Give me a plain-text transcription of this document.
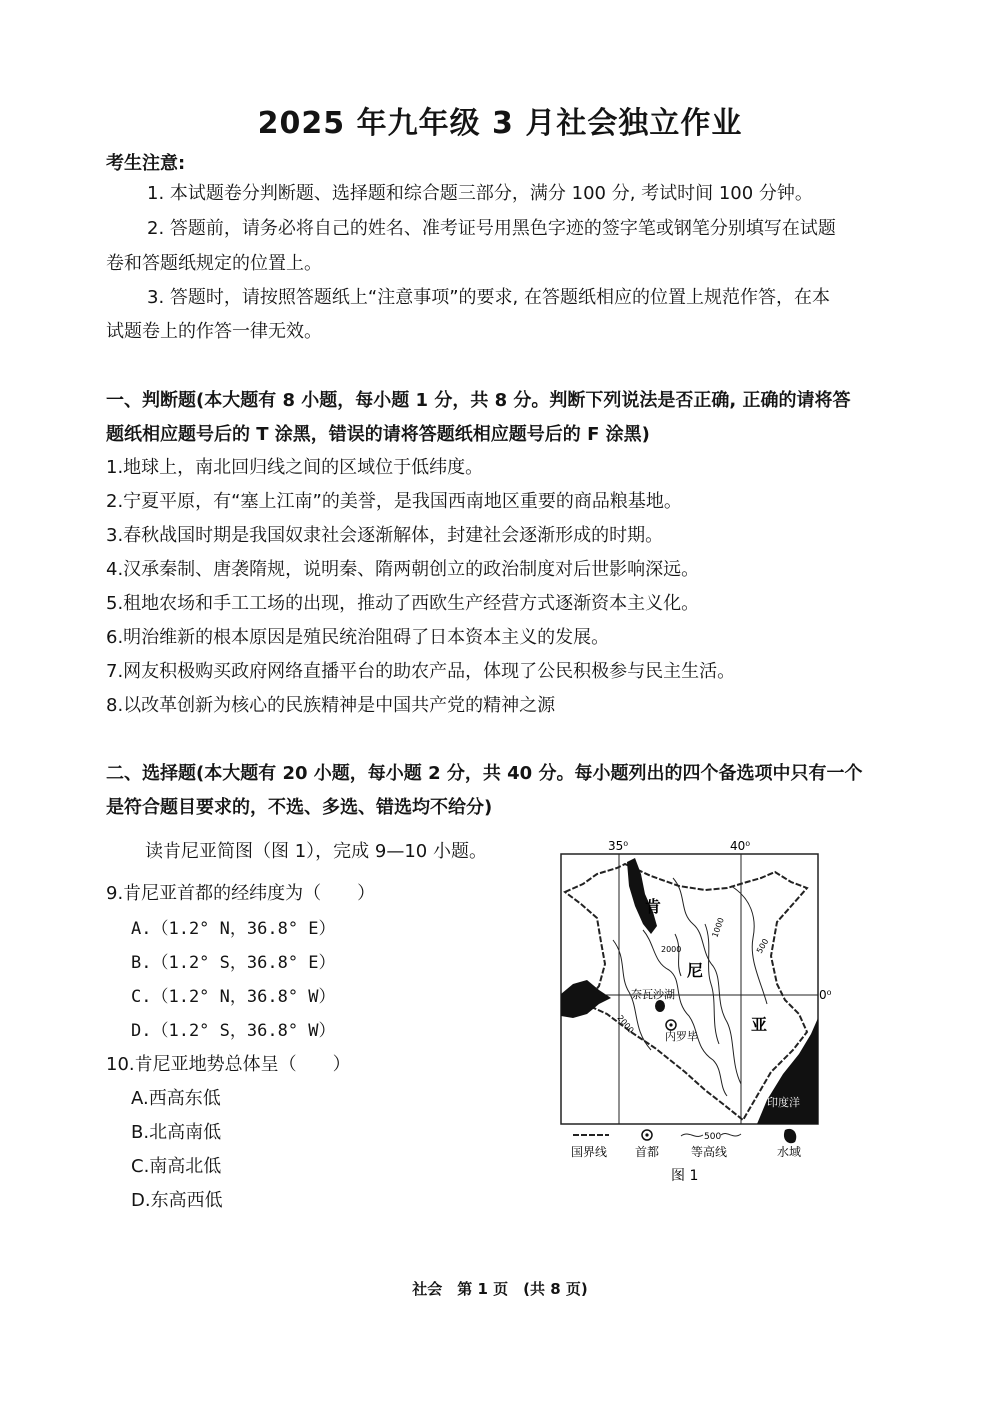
2025 年九年级 3 月社会独立作业
考生注意:
1. 本试题卷分判断题、选择题和综合题三部分，满分 100 分, 考试时间 100 分钟。
2. 答题前，请务必将自己的姓名、准考证号用黑色字迹的签字笔或钢笔分别填写在试题
卷和答题纸规定的位置上。
3. 答题时，请按照答题纸上“注意事项”的要求, 在答题纸相应的位置上规范作答，在本
试题卷上的作答一律无效。
一、判断题(本大题有 8 小题，每小题 1 分，共 8 分。判断下列说法是否正确, 正确的请将答
题纸相应题号后的 T 涂黑，错误的请将答题纸相应题号后的 F 涂黑)
1.地球上，南北回归线之间的区域位于低纬度。
2.宁夏平原，有“塞上江南”的美誉，是我国西南地区重要的商品粮基地。
3.春秋战国时期是我国奴隶社会逐渐解体，封建社会逐渐形成的时期。
4.汉承秦制、唐袭隋规，说明秦、隋两朝创立的政治制度对后世影响深远。
5.租地农场和手工工场的出现，推动了西欧生产经营方式逐渐资本主义化。
6.明治维新的根本原因是殖民统治阻碍了日本资本主义的发展。
7.网友积极购买政府网络直播平台的助农产品，体现了公民积极参与民主生活。
8.以改革创新为核心的民族精神是中国共产党的精神之源
二、选择题(本大题有 20 小题，每小题 2 分，共 40 分。每小题列出的四个备选项中只有一个
是符合题目要求的，不选、多选、错选均不给分)
读肯尼亚简图（图 1），完成 9—10 小题。
9.肯尼亚首都的经纬度为（　　）
A.（1.2° N，36.8° E）
B.（1.2° S，36.8° E）
C.（1.2° N，36.8° W）
D.（1.2° S，36.8° W）
10.肯尼亚地势总体呈（　　）
A.西高东低
B.北高南低
C.南高北低
D.东高西低
35⁰	40⁰
0⁰
肯
尼
亚
奈瓦沙湖
内罗毕
印度洋
2000
2000
1000
500
国界线 首都
500
等高线	水域
图 1
社会　第 1 页　(共 8 页)
